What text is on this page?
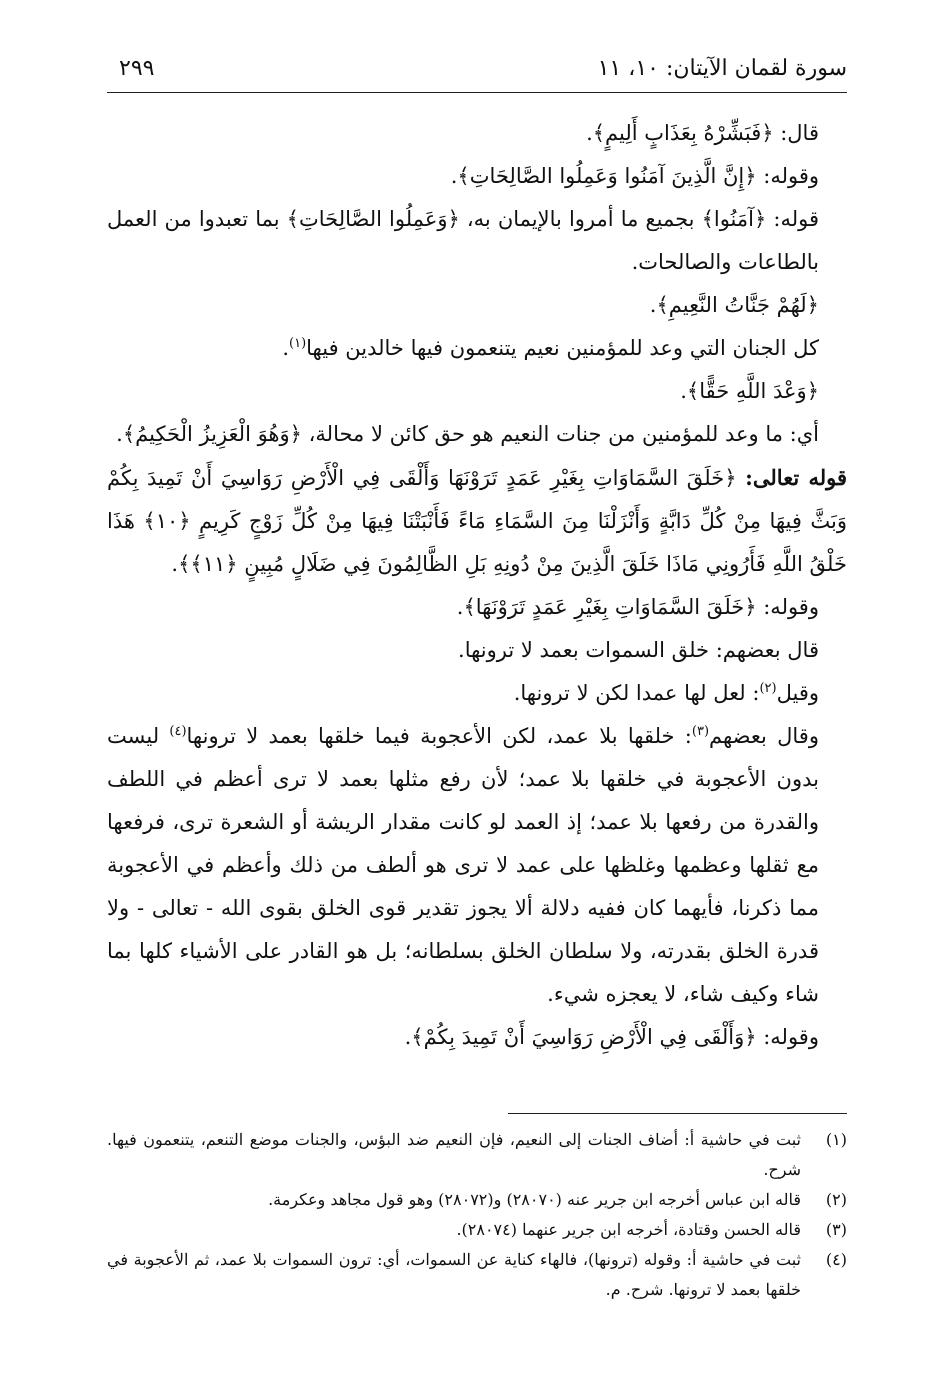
سورة لقمان الآيتان: ١٠، ١١
٢٩٩

قال: ﴿فَبَشِّرْهُ بِعَذَابٍ أَلِيمٍ﴾.

وقوله: ﴿إِنَّ الَّذِينَ آمَنُوا وَعَمِلُوا الصَّالِحَاتِ﴾.

قوله: ﴿آمَنُوا﴾ بجميع ما أمروا بالإيمان به، ﴿وَعَمِلُوا الصَّالِحَاتِ﴾ بما تعبدوا من العمل بالطاعات والصالحات.

﴿لَهُمْ جَنَّاتُ النَّعِيمِ﴾.

كل الجنان التي وعد للمؤمنين نعيم يتنعمون فيها خالدين فيها$^{(١)}$.

﴿وَعْدَ اللَّهِ حَقًّا﴾.

أي: ما وعد للمؤمنين من جنات النعيم هو حق كائن لا محالة، ﴿وَهُوَ الْعَزِيزُ الْحَكِيمُ﴾.

قوله تعالى: ﴿خَلَقَ السَّمَاوَاتِ بِغَيْرِ عَمَدٍ تَرَوْنَهَا وَأَلْقَى فِي الْأَرْضِ رَوَاسِيَ أَنْ تَمِيدَ بِكُمْ وَبَثَّ فِيهَا مِنْ كُلِّ دَابَّةٍ وَأَنْزَلْنَا مِنَ السَّمَاءِ مَاءً فَأَنْبَتْنَا فِيهَا مِنْ كُلِّ زَوْجٍ كَرِيمٍ ﴿١٠﴾ هَذَا خَلْقُ اللَّهِ فَأَرُونِي مَاذَا خَلَقَ الَّذِينَ مِنْ دُونِهِ بَلِ الظَّالِمُونَ فِي ضَلَالٍ مُبِينٍ ﴿١١﴾﴾.

وقوله: ﴿خَلَقَ السَّمَاوَاتِ بِغَيْرِ عَمَدٍ تَرَوْنَهَا﴾.

قال بعضهم: خلق السموات بعمد لا ترونها.

وقيل$^{(٢)}$: لعل لها عمدا لكن لا ترونها.

وقال بعضهم$^{(٣)}$: خلقها بلا عمد، لكن الأعجوبة فيما خلقها بعمد لا ترونها$^{(٤)}$ ليست بدون الأعجوبة في خلقها بلا عمد؛ لأن رفع مثلها بعمد لا ترى أعظم في اللطف والقدرة من رفعها بلا عمد؛ إذ العمد لو كانت مقدار الريشة أو الشعرة ترى، فرفعها مع ثقلها وعظمها وغلظها على عمد لا ترى هو ألطف من ذلك وأعظم في الأعجوبة مما ذكرنا، فأيهما كان ففيه دلالة ألا يجوز تقدير قوى الخلق بقوى الله - تعالى - ولا قدرة الخلق بقدرته، ولا سلطان الخلق بسلطانه؛ بل هو القادر على الأشياء كلها بما شاء وكيف شاء، لا يعجزه شيء.

وقوله: ﴿وَأَلْقَى فِي الْأَرْضِ رَوَاسِيَ أَنْ تَمِيدَ بِكُمْ﴾.

(١)
ثبت في حاشية أ: أضاف الجنات إلى النعيم، فإن النعيم ضد البؤس، والجنات موضع التنعم، يتنعمون فيها. شرح.
(٢)
قاله ابن عباس أخرجه ابن جرير عنه (٢٨٠٧٠) و(٢٨٠٧٢) وهو قول مجاهد وعكرمة.
(٣)
قاله الحسن وقتادة، أخرجه ابن جرير عنهما (٢٨٠٧٤).
(٤)
ثبت في حاشية أ: وقوله (ترونها)، فالهاء كناية عن السموات، أي: ترون السموات بلا عمد، ثم الأعجوبة في خلقها بعمد لا ترونها. شرح. م.
